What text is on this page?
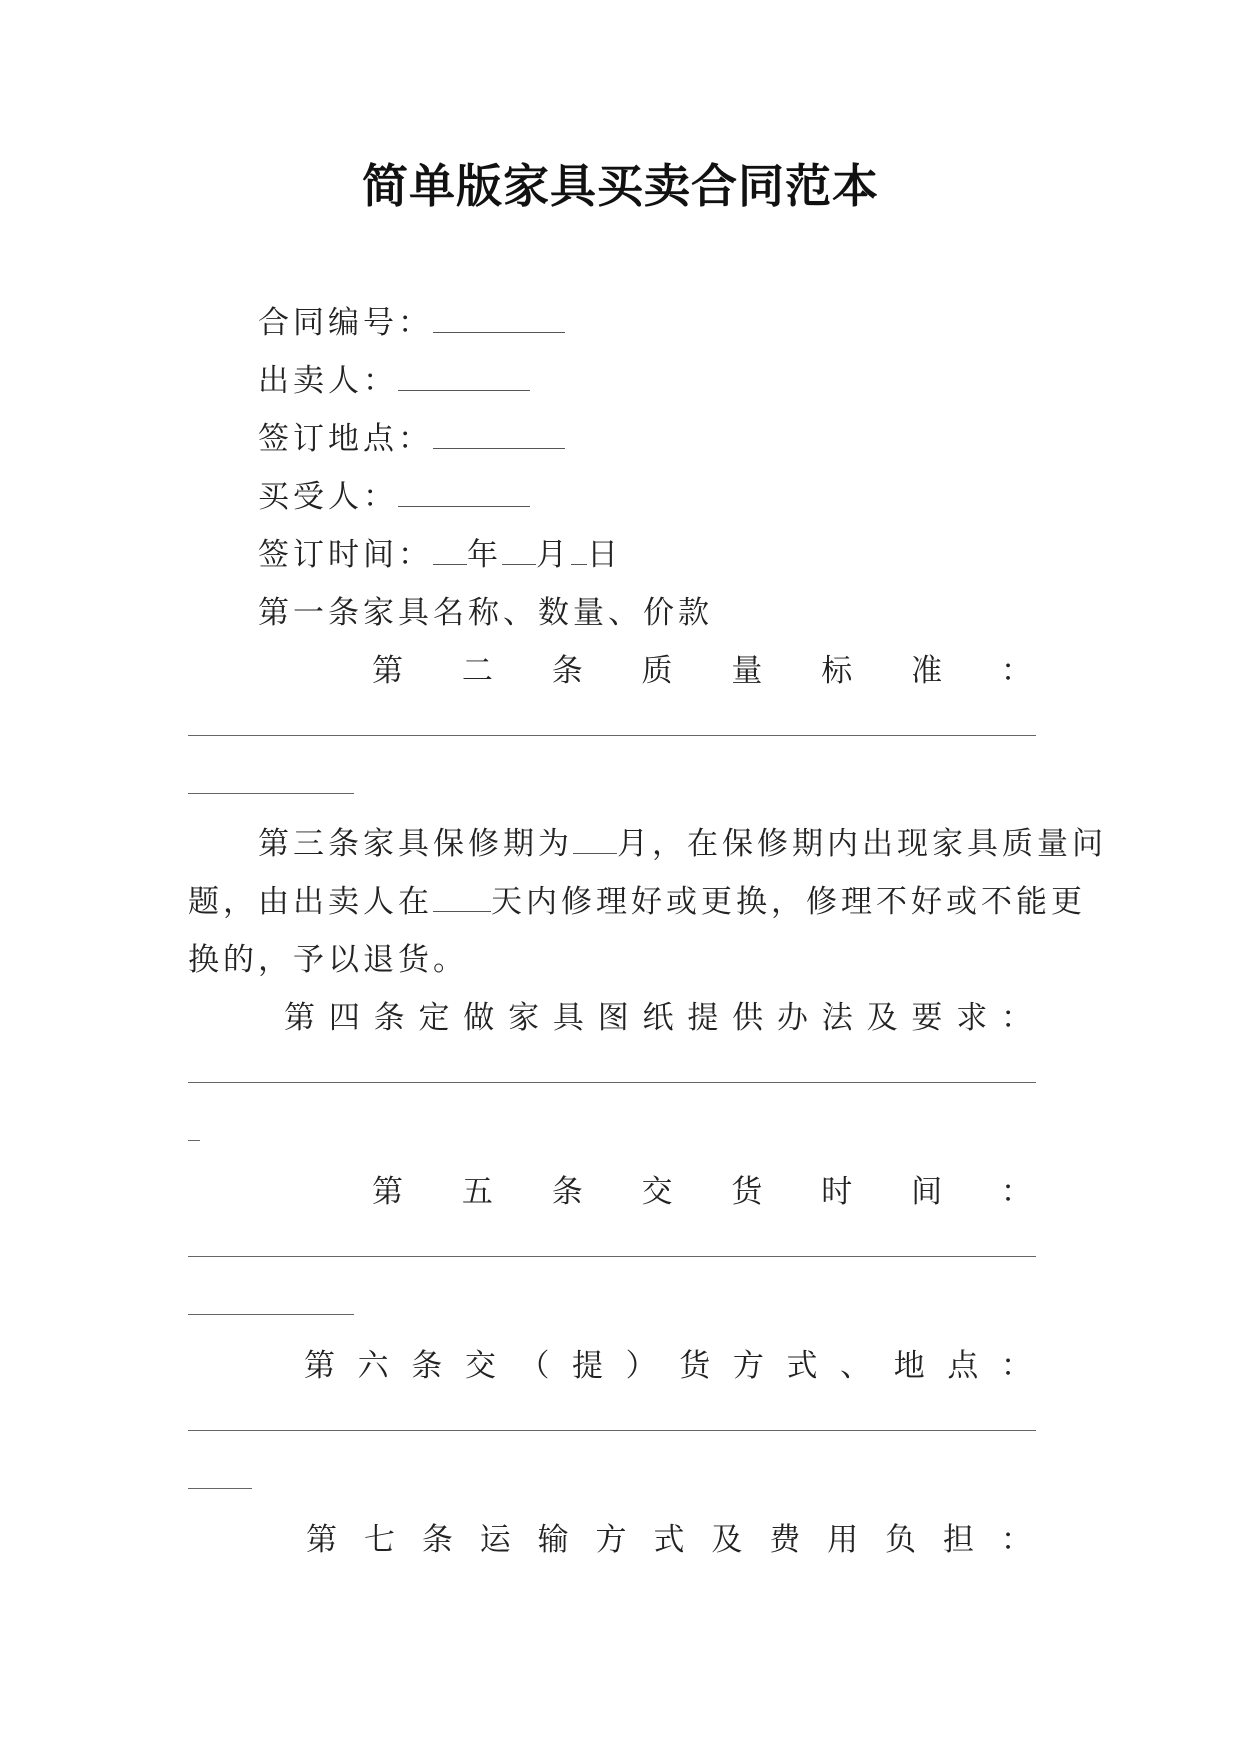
简单版家具买卖合同范本
合同编号：
出卖人：
签订地点：
买受人：
签订时间： 年 月 日
第一条家具名称、数量、价款
第 二 条 质 量 标 准 ：
第三条家具保修期为 月，在保修期内出现家具质量问
题，由出卖人在 天内修理好或更换，修理不好或不能更
换的，予以退货。
第 四 条 定 做 家 具 图 纸 提 供 办 法 及 要 求 ：
第 五 条 交 货 时 间 ：
第 六 条 交 （ 提 ） 货 方 式 、 地 点 ：
第 七 条 运 输 方 式 及 费 用 负 担 ：
